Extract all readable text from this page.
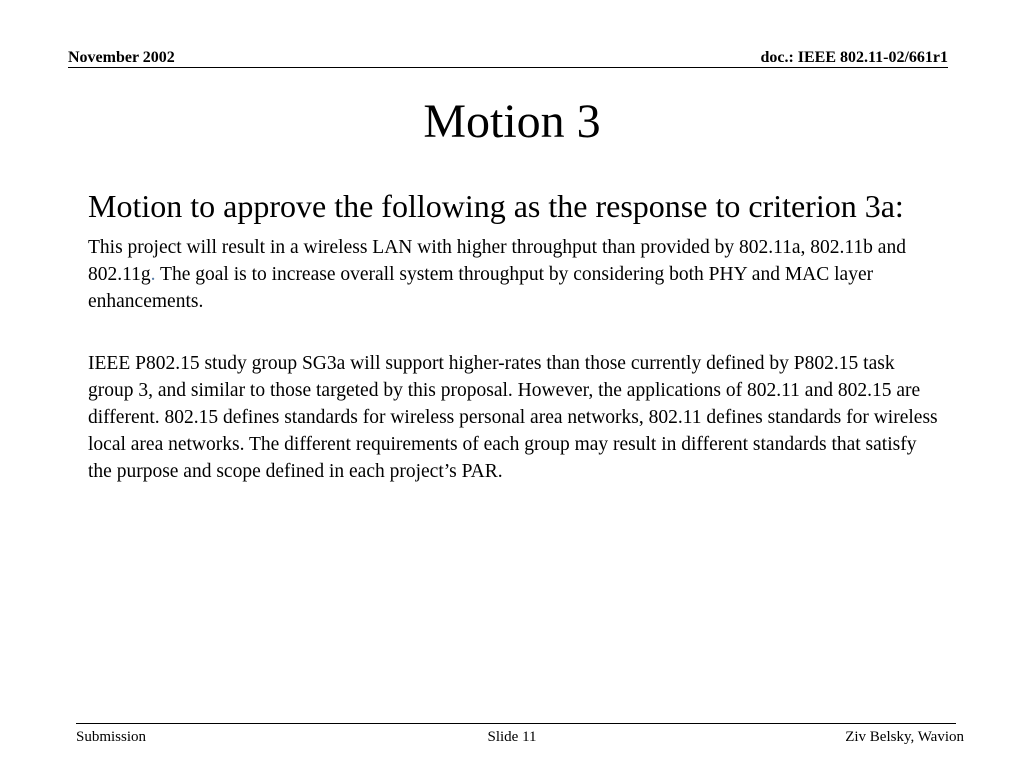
November 2002	doc.: IEEE 802.11-02/661r1
Motion 3

Motion to approve the following as the response to criterion 3a:

This project will result in a wireless LAN with higher throughput than provided by 802.11a, 802.11b and 802.11g. The goal is to increase overall system throughput by considering both PHY and MAC layer enhancements.

IEEE P802.15 study group SG3a will support higher-rates than those currently defined by P802.15 task group 3, and similar to those targeted by this proposal. However, the applications of 802.11 and 802.15 are different. 802.15 defines standards for wireless personal area networks, 802.11 defines standards for wireless local area networks. The different requirements of each group may result in different standards that satisfy the purpose and scope defined in each project’s PAR.

Submission	Slide 11	Ziv Belsky, Wavion
